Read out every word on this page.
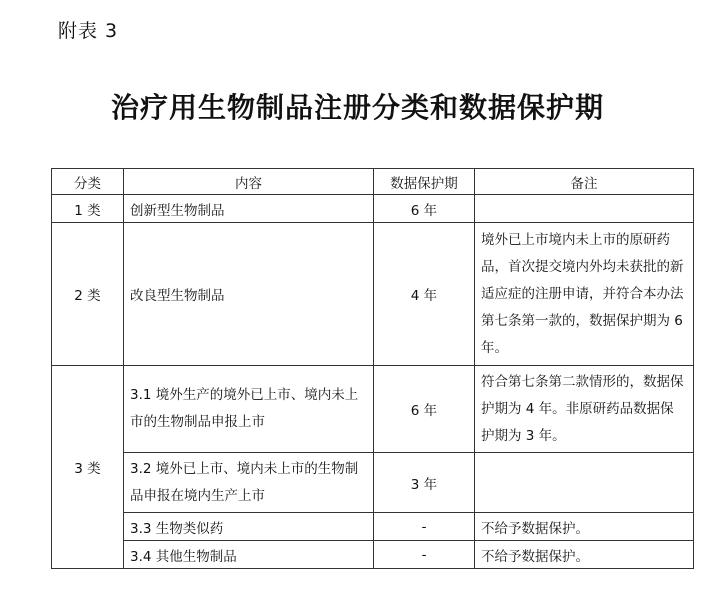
附表 3
治疗用生物制品注册分类和数据保护期
分类	内容	数据保护期	备注
1 类	创新型生物制品	6 年	
2 类	改良型生物制品	4 年	境外已上市境内未上市的原研药品，首次提交境内外均未获批的新适应症的注册申请，并符合本办法第七条第一款的，数据保护期为 6 年。
3 类	3.1 境外生产的境外已上市、境内未上市的生物制品申报上市	6 年	符合第七条第二款情形的，数据保护期为 4 年。非原研药品数据保护期为 3 年。
	3.2 境外已上市、境内未上市的生物制品申报在境内生产上市	3 年	
	3.3 生物类似药	-	不给予数据保护。
	3.4 其他生物制品	-	不给予数据保护。
